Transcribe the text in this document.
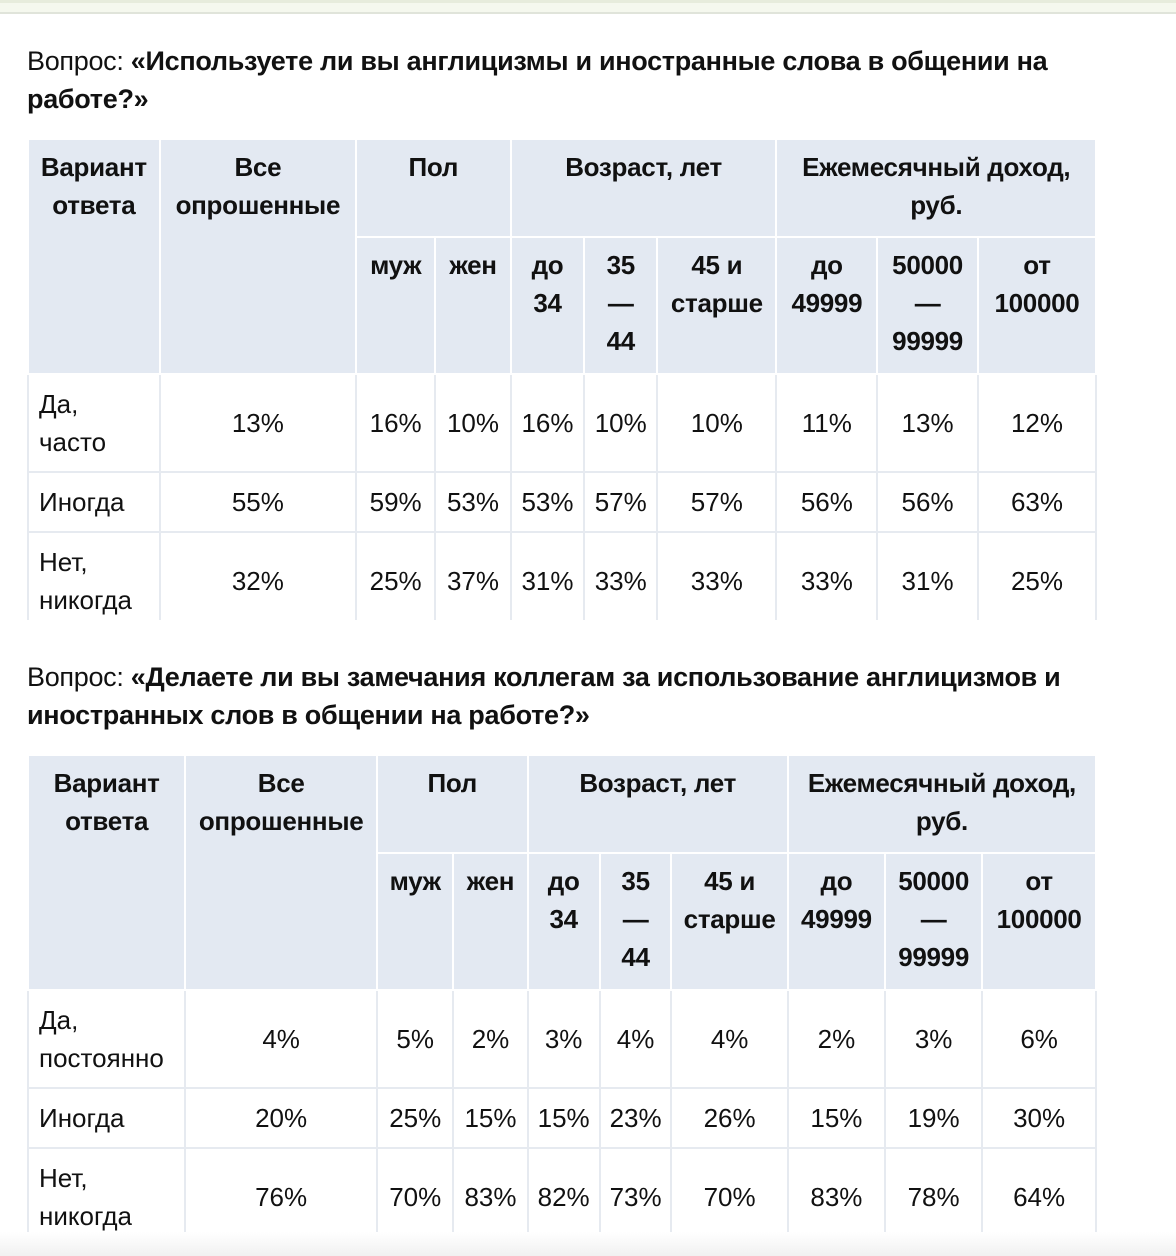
Вопрос: «Используете ли вы англицизмы и иностранные слова в общении на работе?»
Вариант ответа	Все опрошенные	Пол		Возраст, лет			Ежемесячный доход, руб.		
		муж	жен	до 34	35 — 44	45 и старше	до 49999	50000 — 99999	от 100000
Да, часто	13%	16%	10%	16%	10%	10%	11%	13%	12%
Иногда	55%	59%	53%	53%	57%	57%	56%	56%	63%
Нет, никогда	32%	25%	37%	31%	33%	33%	33%	31%	25%
Вопрос: «Делаете ли вы замечания коллегам за использование англицизмов и иностранных слов в общении на работе?»
Вариант ответа	Все опрошенные	Пол		Возраст, лет			Ежемесячный доход, руб.		
		муж	жен	до 34	35 — 44	45 и старше	до 49999	50000 — 99999	от 100000
Да, постоянно	4%	5%	2%	3%	4%	4%	2%	3%	6%
Иногда	20%	25%	15%	15%	23%	26%	15%	19%	30%
Нет, никогда	76%	70%	83%	82%	73%	70%	83%	78%	64%
